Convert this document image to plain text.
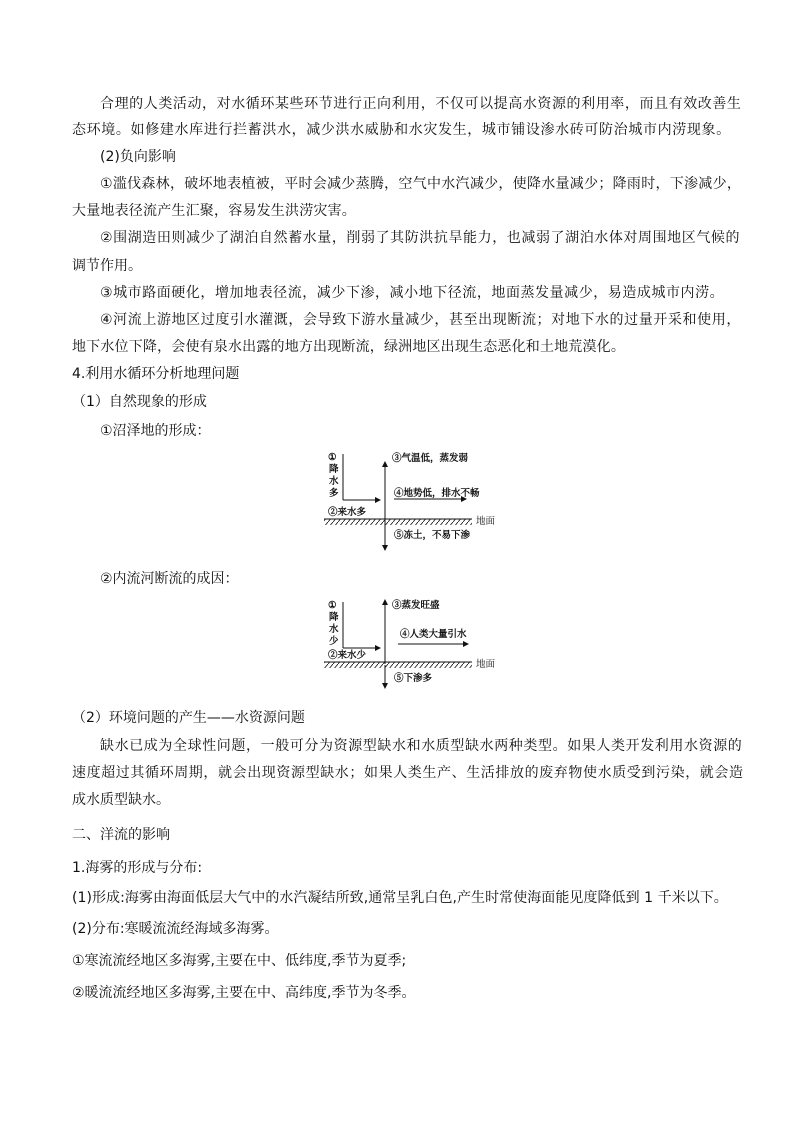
合理的人类活动，对水循环某些环节进行正向利用，不仅可以提高水资源的利用率，而且有效改善生
态环境。如修建水库进行拦蓄洪水，减少洪水威胁和水灾发生，城市铺设渗水砖可防治城市内涝现象。
(2)负向影响
①滥伐森林，破坏地表植被，平时会减少蒸腾，空气中水汽减少，使降水量减少；降雨时，下渗减少，
大量地表径流产生汇聚，容易发生洪涝灾害。
②围湖造田则减少了湖泊自然蓄水量，削弱了其防洪抗旱能力，也减弱了湖泊水体对周围地区气候的
调节作用。
③城市路面硬化，增加地表径流，减少下渗，减小地下径流，地面蒸发量减少，易造成城市内涝。
④河流上游地区过度引水灌溉，会导致下游水量减少，甚至出现断流；对地下水的过量开采和使用，
地下水位下降，会使有泉水出露的地方出现断流，绿洲地区出现生态恶化和土地荒漠化。
4.利用水循环分析地理问题
（1）自然现象的形成
①沼泽地的形成：
①
降
水
多
②来水多
③气温低，蒸发弱
④地势低，排水不畅
地面
⑤冻土，不易下渗
②内流河断流的成因：
①
降
水
少
②来水少
③蒸发旺盛
④人类大量引水
地面
⑤下渗多
（2）环境问题的产生——水资源问题
缺水已成为全球性问题，一般可分为资源型缺水和水质型缺水两种类型。如果人类开发利用水资源的
速度超过其循环周期，就会出现资源型缺水；如果人类生产、生活排放的废弃物使水质受到污染，就会造
成水质型缺水。
二、洋流的影响
1.海雾的形成与分布:
(1)形成:海雾由海面低层大气中的水汽凝结所致,通常呈乳白色,产生时常使海面能见度降低到 1 千米以下。
(2)分布:寒暖流流经海域多海雾。
①寒流流经地区多海雾,主要在中、低纬度,季节为夏季;
②暖流流经地区多海雾,主要在中、高纬度,季节为冬季。
